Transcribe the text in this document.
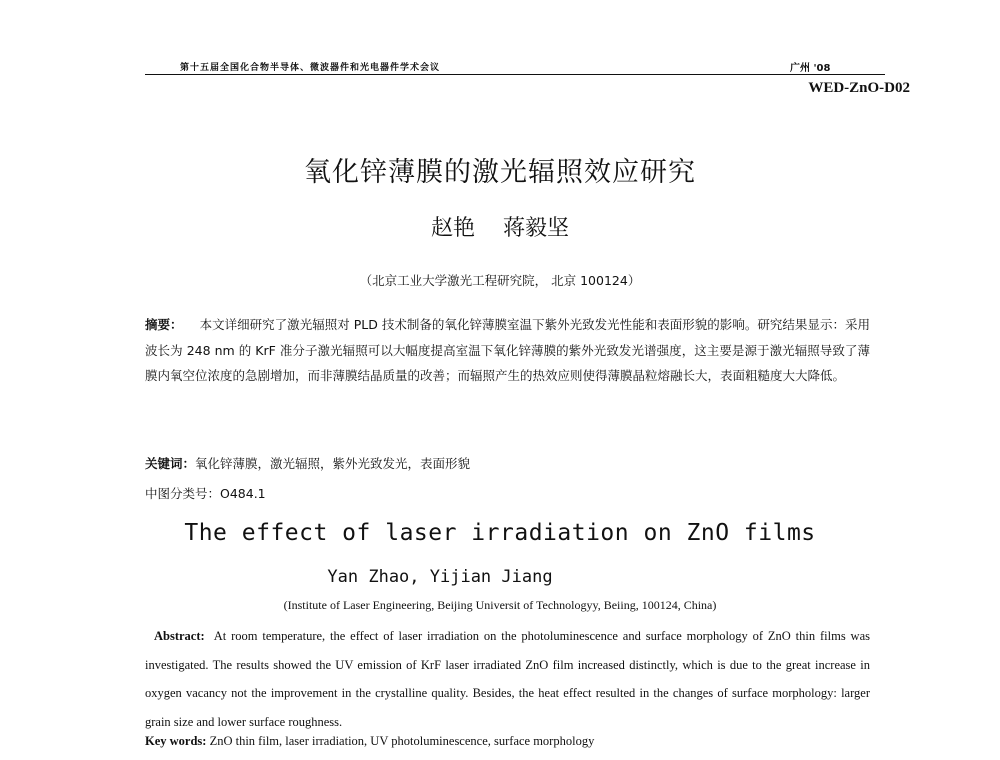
第十五届全国化合物半导体、微波器件和光电器件学术会议	广州 '08
WED-ZnO-D02
氧化锌薄膜的激光辐照效应研究
赵艳    蒋毅坚
（北京工业大学激光工程研究院， 北京 100124）
摘要： 本文详细研究了激光辐照对 PLD 技术制备的氧化锌薄膜室温下紫外光致发光性能和表面形貌的影响。研究结果显示：采用波长为 248 nm 的 KrF 准分子激光辐照可以大幅度提高室温下氧化锌薄膜的紫外光致发光谱强度，这主要是源于激光辐照导致了薄膜内氧空位浓度的急剧增加，而非薄膜结晶质量的改善；而辐照产生的热效应则使得薄膜晶粒熔融长大，表面粗糙度大大降低。
关键词：氧化锌薄膜，激光辐照，紫外光致发光，表面形貌
中图分类号：O484.1
The effect of laser irradiation on ZnO films
Yan Zhao, Yijian Jiang
(Institute of Laser Engineering, Beijing Universit of Technologyy, Beiing, 100124, China)
Abstract: At room temperature, the effect of laser irradiation on the photoluminescence and surface morphology of ZnO thin films was investigated. The results showed the UV emission of KrF laser irradiated ZnO film increased distinctly, which is due to the great increase in oxygen vacancy not the improvement in the crystalline quality. Besides, the heat effect resulted in the changes of surface morphology: larger grain size and lower surface roughness.
Key words: ZnO thin film, laser irradiation, UV photoluminescence, surface morphology
